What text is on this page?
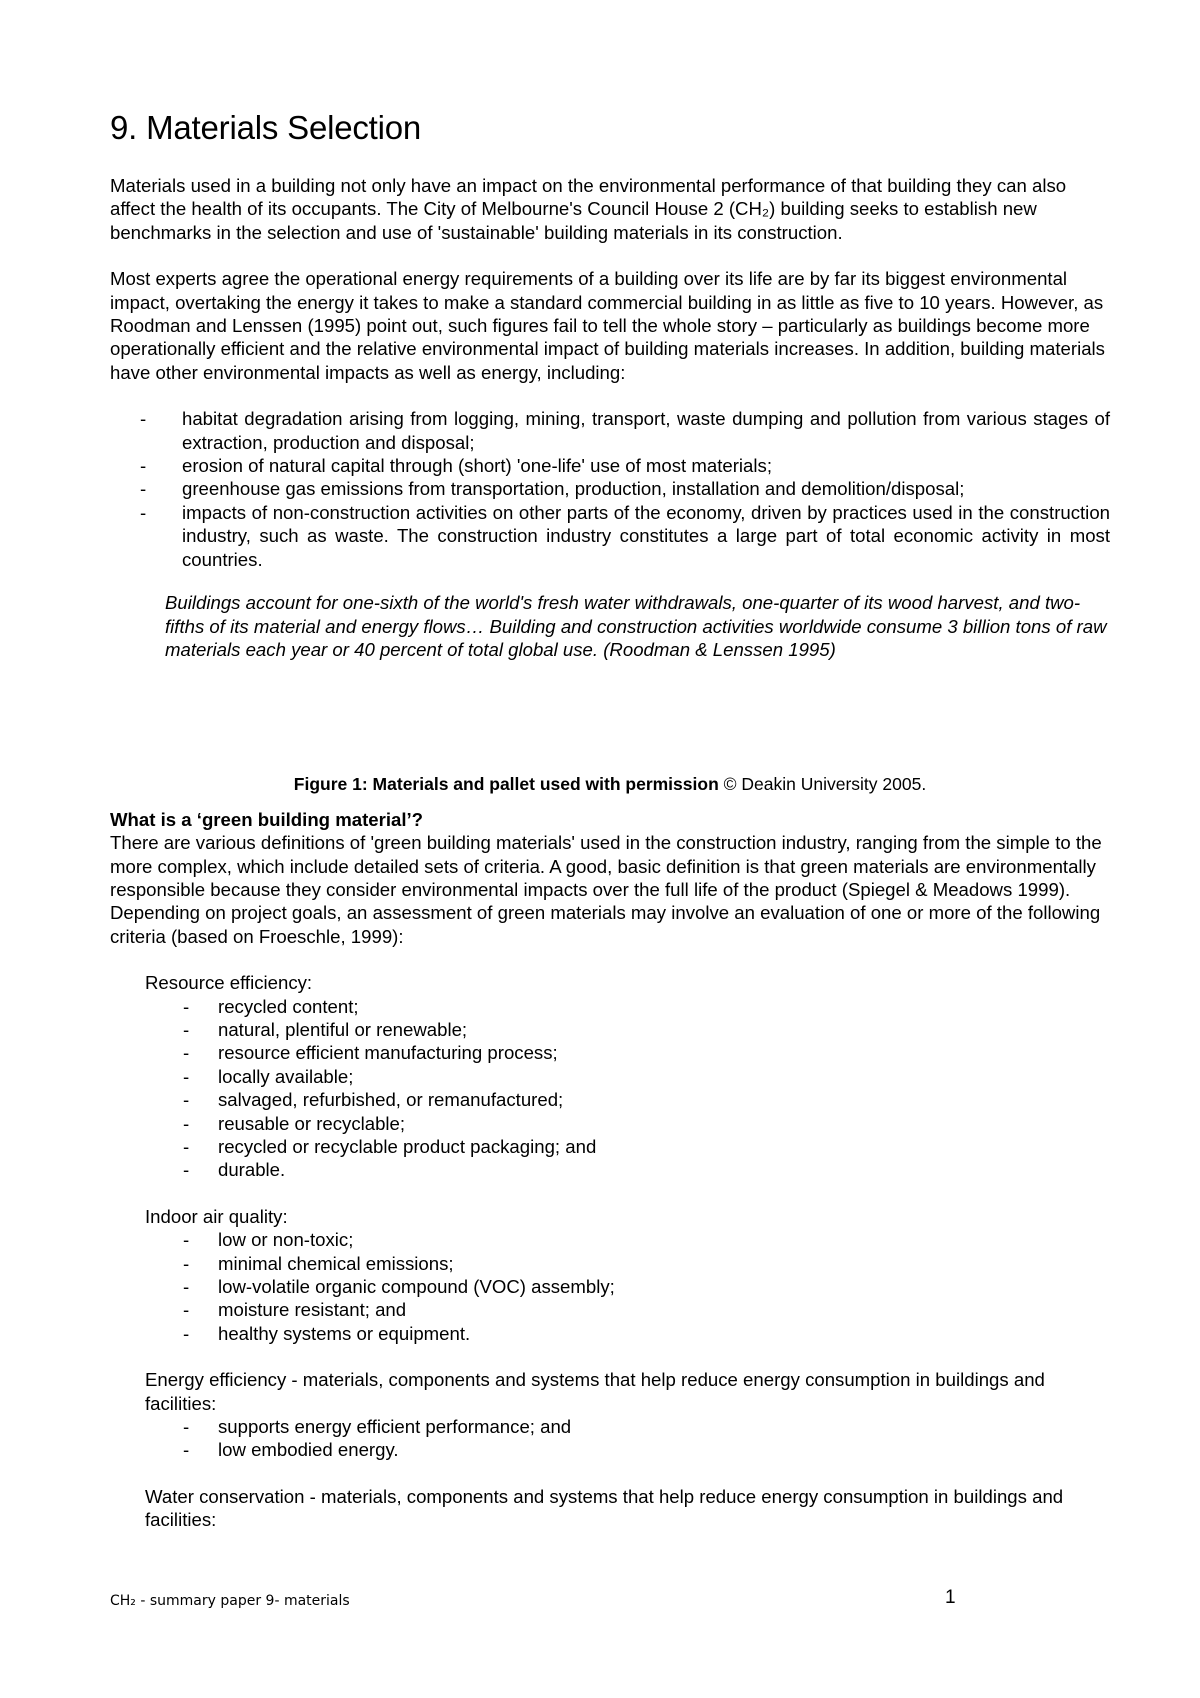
9. Materials Selection

Materials used in a building not only have an impact on the environmental performance of that building they can also affect the health of its occupants. The City of Melbourne's Council House 2 (CH₂) building seeks to establish new benchmarks in the selection and use of 'sustainable' building materials in its construction.

Most experts agree the operational energy requirements of a building over its life are by far its biggest environmental impact, overtaking the energy it takes to make a standard commercial building in as little as five to 10 years. However, as Roodman and Lenssen (1995) point out, such figures fail to tell the whole story – particularly as buildings become more operationally efficient and the relative environmental impact of building materials increases. In addition, building materials have other environmental impacts as well as energy, including:

- habitat degradation arising from logging, mining, transport, waste dumping and pollution from various stages of extraction, production and disposal;
- erosion of natural capital through (short) 'one-life' use of most materials;
- greenhouse gas emissions from transportation, production, installation and demolition/disposal;
- impacts of non-construction activities on other parts of the economy, driven by practices used in the construction industry, such as waste. The construction industry constitutes a large part of total economic activity in most countries.

Buildings account for one-sixth of the world's fresh water withdrawals, one-quarter of its wood harvest, and two-fifths of its material and energy flows… Building and construction activities worldwide consume 3 billion tons of raw materials each year or 40 percent of total global use. (Roodman & Lenssen 1995)

Figure 1: Materials and pallet used with permission © Deakin University 2005.

What is a ‘green building material’?

There are various definitions of 'green building materials' used in the construction industry, ranging from the simple to the more complex, which include detailed sets of criteria. A good, basic definition is that green materials are environmentally responsible because they consider environmental impacts over the full life of the product (Spiegel & Meadows 1999). Depending on project goals, an assessment of green materials may involve an evaluation of one or more of the following criteria (based on Froeschle, 1999):

Resource efficiency:

- recycled content;
- natural, plentiful or renewable;
- resource efficient manufacturing process;
- locally available;
- salvaged, refurbished, or remanufactured;
- reusable or recyclable;
- recycled or recyclable product packaging; and
- durable.

Indoor air quality:

- low or non-toxic;
- minimal chemical emissions;
- low-volatile organic compound (VOC) assembly;
- moisture resistant; and
- healthy systems or equipment.

Energy efficiency - materials, components and systems that help reduce energy consumption in buildings and facilities:

- supports energy efficient performance; and
- low embodied energy.

Water conservation - materials, components and systems that help reduce energy consumption in buildings and facilities:

CH₂ - summary paper 9- materials	1
